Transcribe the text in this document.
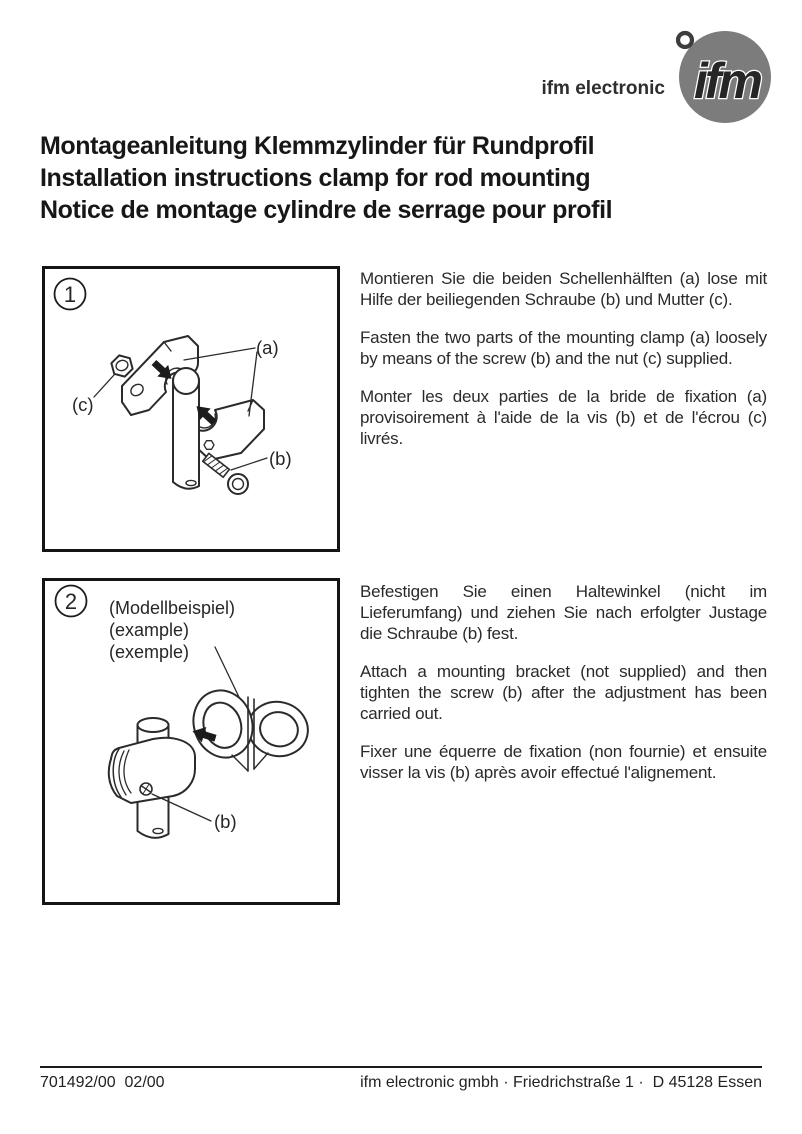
ifm electronic ifm
Montageanleitung Klemmzylinder für Rundprofil
Installation instructions clamp for rod mounting
Notice de montage cylindre de serrage pour profil
1
(a)
(b)
(c)

Montieren Sie die beiden Schellenhälften (a) lose mit Hilfe der beiliegenden Schraube (b) und Mutter (c).

Fasten the two parts of the mounting clamp (a) loosely by means of the screw (b) and the nut (c) supplied.

Monter les deux parties de la bride de fixation (a) provisoirement à l'aide de la vis (b) et de l'écrou (c) livrés.

2 (Modellbeispiel)
(example)
(exemple)
(b)

Befestigen Sie einen Haltewinkel (nicht im Lieferumfang) und ziehen Sie nach erfolgter Justage die Schraube (b) fest.

Attach a mounting bracket (not supplied) and then tighten the screw (b) after the adjustment has been carried out.

Fixer une équerre de fixation (non fournie) et ensuite visser la vis (b) après avoir effectué l'alignement.

701492/00  02/00	ifm electronic gmbh · Friedrichstraße 1 ·  D 45128 Essen
